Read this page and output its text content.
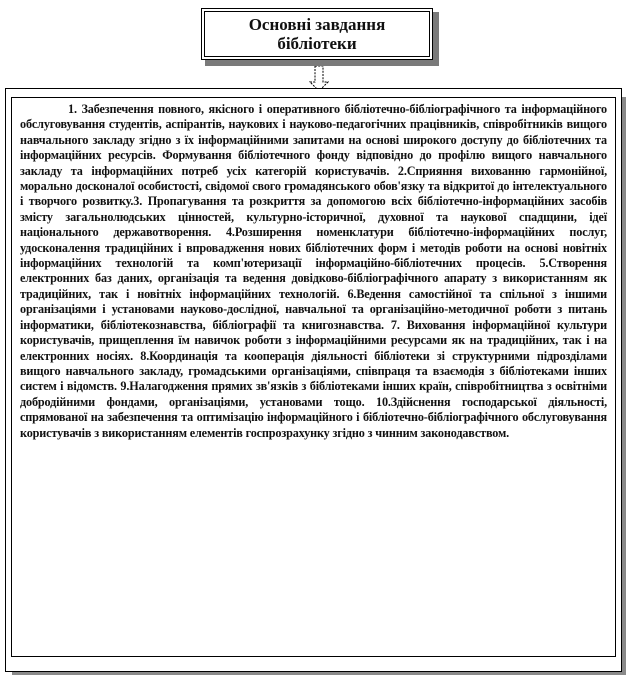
Основні завдання бібліотеки

1. Забезпечення повного, якісного і оперативного бібліотечно-бібліографічного та інформаційного обслуговування студентів, аспірантів, наукових і науково-педагогічних працівників, співробітників вищого навчального закладу згідно з їх інформаційними запитами на основі широкого доступу до бібліотечних та інформаційних ресурсів. Формування бібліотечного фонду відповідно до профілю вищого навчального закладу та інформаційних потреб усіх категорій користувачів. 2.Сприяння вихованню гармонійної, морально досконалої особистості, свідомої свого громадянського обов'язку та відкритої до інтелектуального і творчого розвитку.3. Пропагування та розкриття за допомогою всіх бібліотечно-інформаційних засобів змісту загальнолюдських цінностей, культурно-історичної, духовної та наукової спадщини, ідеї національного державотворення. 4.Розширення номенклатури бібліотечно-інформаційних послуг, удосконалення традиційних і впровадження нових бібліотечних форм і методів роботи на основі новітніх інформаційних технологій та комп'ютеризації інформаційно-бібліотечних процесів. 5.Створення електронних баз даних, організація та ведення довідково-бібліографічного апарату з використанням як традиційних, так і новітніх інформаційних технологій. 6.Ведення самостійної та спільної з іншими організаціями і установами науково-дослідної, навчальної та організаційно-методичної роботи з питань інформатики, бібліотекознавства, бібліографії та книгознавства. 7. Виховання інформаційної культури користувачів, прищеплення їм навичок роботи з інформаційними ресурсами як на традиційних, так і на електронних носіях. 8.Координація та кооперація діяльності бібліотеки зі структурними підрозділами вищого навчального закладу, громадськими організаціями, співпраця та взаємодія з бібліотеками інших систем і відомств. 9.Налагодження прямих зв'язків з бібліотеками інших країн, співробітництва з освітніми добродійними фондами, організаціями, установами тощо. 10.Здійснення господарської діяльності, спрямованої на забезпечення та оптимізацію інформаційного і бібліотечно-бібліографічного обслуговування користувачів з використанням елементів госпрозрахунку згідно з чинним законодавством.
